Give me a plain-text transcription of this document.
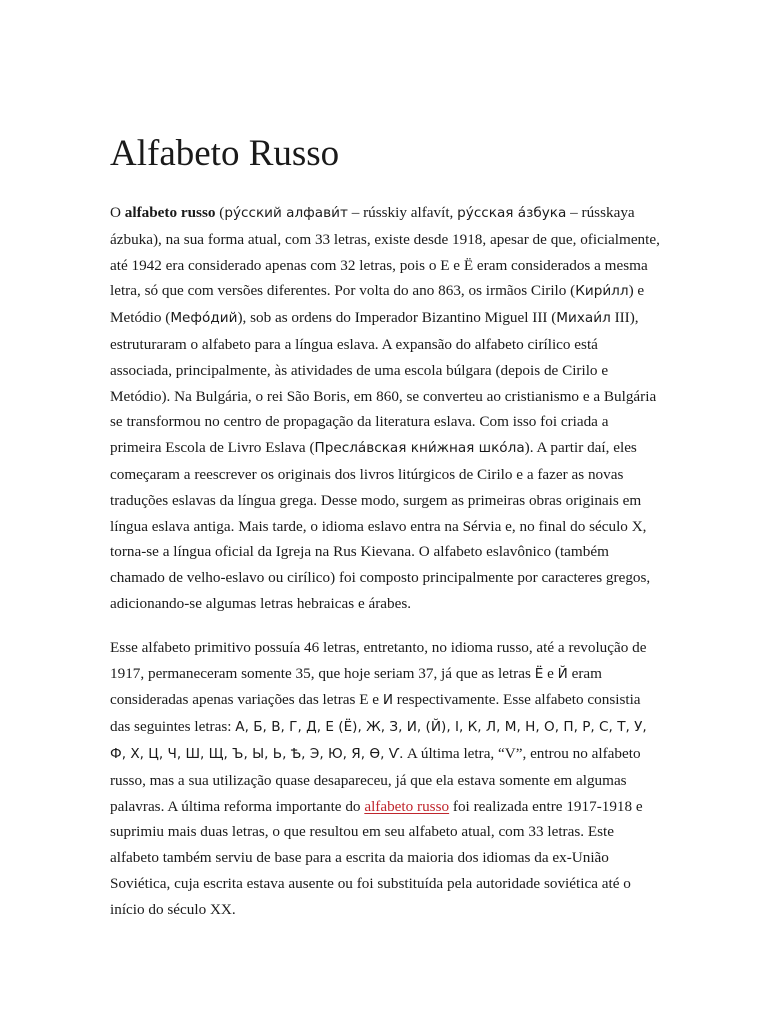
Alfabeto Russo

O alfabeto russo (ру́сский алфави́т – rússkiy alfavít, ру́сская а́збука – rússkaya ázbuka), na sua forma atual, com 33 letras, existe desde 1918, apesar de que, oficialmente, até 1942 era considerado apenas com 32 letras, pois o E e Ë eram considerados a mesma letra, só que com versões diferentes. Por volta do ano 863, os irmãos Cirilo (Кири́лл) e Metódio (Мефо́дий), sob as ordens do Imperador Bizantino Miguel III (Михаи́л III), estruturaram o alfabeto para a língua eslava. A expansão do alfabeto cirílico está associada, principalmente, às atividades de uma escola búlgara (depois de Cirilo e Metódio). Na Bulgária, o rei São Boris, em 860, se converteu ao cristianismo e a Bulgária se transformou no centro de propagação da literatura eslava. Com isso foi criada a primeira Escola de Livro Eslava (Пресла́вская кни́жная шко́ла). A partir daí, eles começaram a reescrever os originais dos livros litúrgicos de Cirilo e a fazer as novas traduções eslavas da língua grega. Desse modo, surgem as primeiras obras originais em língua eslava antiga. Mais tarde, o idioma eslavo entra na Sérvia e, no final do século X, torna-se a língua oficial da Igreja na Rus Kievana. O alfabeto eslavônico (também chamado de velho-eslavo ou cirílico) foi composto principalmente por caracteres gregos, adicionando-se algumas letras hebraicas e árabes.

Esse alfabeto primitivo possuía 46 letras, entretanto, no idioma russo, até a revolução de 1917, permaneceram somente 35, que hoje seriam 37, já que as letras Ё e Й eram consideradas apenas variações das letras E e И respectivamente. Esse alfabeto consistia das seguintes letras: А, Б, В, Г, Д, Е (Ё), Ж, З, И, (Й), І, К, Л, М, Н, О, П, Р, С, Т, У, Ф, Х, Ц, Ч, Ш, Щ, Ъ, Ы, Ь, Ѣ, Э, Ю, Я, Ѳ, Ѵ. A última letra, “V”, entrou no alfabeto russo, mas a sua utilização quase desapareceu, já que ela estava somente em algumas palavras. A última reforma importante do alfabeto russo foi realizada entre 1917-1918 e suprimiu mais duas letras, o que resultou em seu alfabeto atual, com 33 letras. Este alfabeto também serviu de base para a escrita da maioria dos idiomas da ex-União Soviética, cuja escrita estava ausente ou foi substituída pela autoridade soviética até o início do século XX.
